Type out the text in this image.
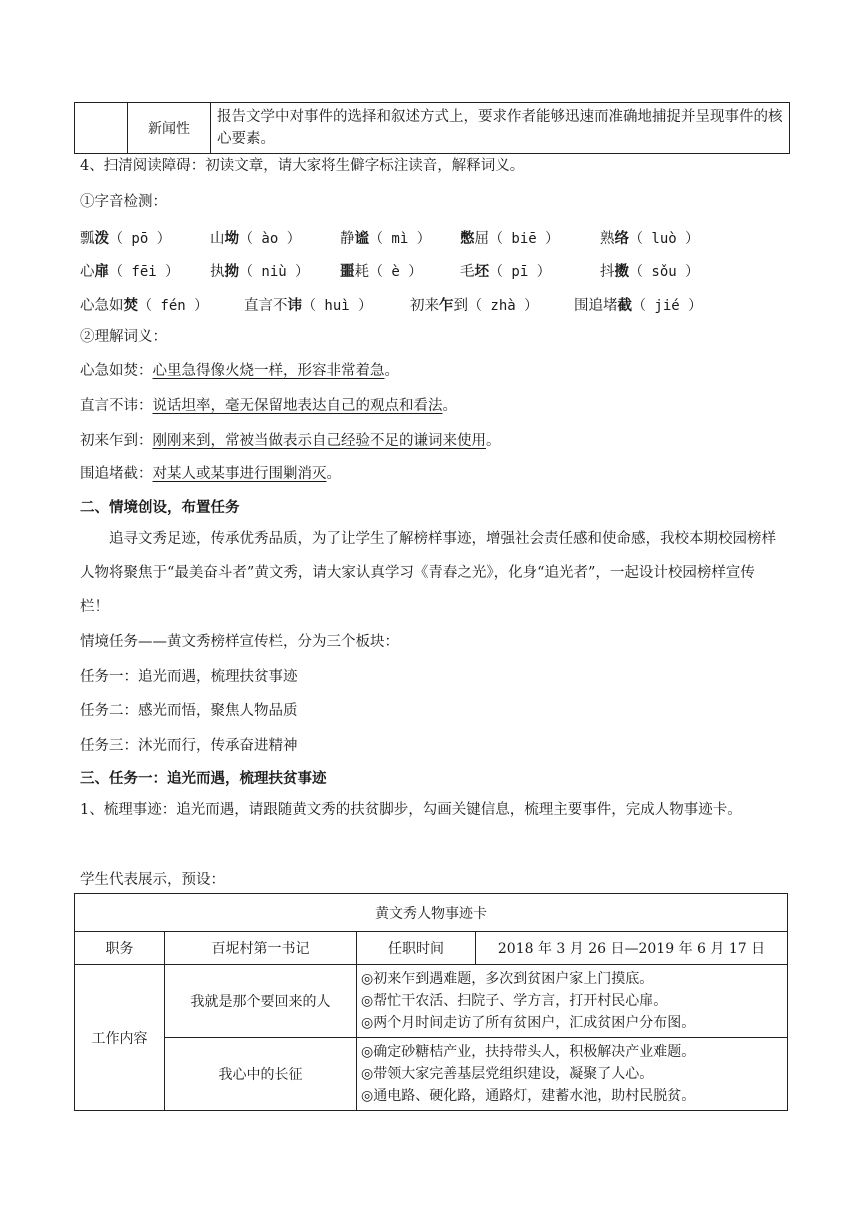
	新闻性	报告文学中对事件的选择和叙述方式上，要求作者能够迅速而准确地捕捉并呈现事件的核心要素。
4、扫清阅读障碍：初读文章，请大家将生僻字标注读音，解释词义。
①字音检测：
瓢泼（ pō ）	山坳（ ào ）	静谧（ mì ） 憋屈（ biē ）	熟络（ luò ）
心扉（ fēi ） 执拗（ niù ） 噩耗（ è ）	毛坯（ pī ）	抖擞（ sǒu ）
心急如焚（ fén ） 直言不讳（ huì ）	初来乍到（ zhà ） 围追堵截（ jié ）
②理解词义：
心急如焚：心里急得像火烧一样，形容非常着急。
直言不讳：说话坦率，毫无保留地表达自己的观点和看法。
初来乍到：刚刚来到，常被当做表示自己经验不足的谦词来使用。
围追堵截：对某人或某事进行围剿消灭。
二、情境创设，布置任务
追寻文秀足迹，传承优秀品质，为了让学生了解榜样事迹，增强社会责任感和使命感，我校本期校园榜样人物将聚焦于“最美奋斗者”黄文秀，请大家认真学习《青春之光》，化身“追光者”，一起设计校园榜样宣传栏！
情境任务——黄文秀榜样宣传栏，分为三个板块：
任务一：追光而遇，梳理扶贫事迹
任务二：感光而悟，聚焦人物品质
任务三：沐光而行，传承奋进精神
三、任务一：追光而遇，梳理扶贫事迹
1、梳理事迹：追光而遇，请跟随黄文秀的扶贫脚步，勾画关键信息，梳理主要事件，完成人物事迹卡。
学生代表展示，预设：
黄文秀人物事迹卡			
职务	百坭村第一书记	任职时间	2018 年 3 月 26 日—2019 年 6 月 17 日
工作内容	我就是那个要回来的人	◎初来乍到遇难题，多次到贫困户家上门摸底。
◎帮忙干农活、扫院子、学方言，打开村民心扉。
◎两个月时间走访了所有贫困户，汇成贫困户分布图。	

	我心中的长征	◎确定砂糖桔产业，扶持带头人，积极解决产业难题。
◎带领大家完善基层党组织建设，凝聚了人心。
◎通电路、硬化路，通路灯，建蓄水池，助村民脱贫。	
